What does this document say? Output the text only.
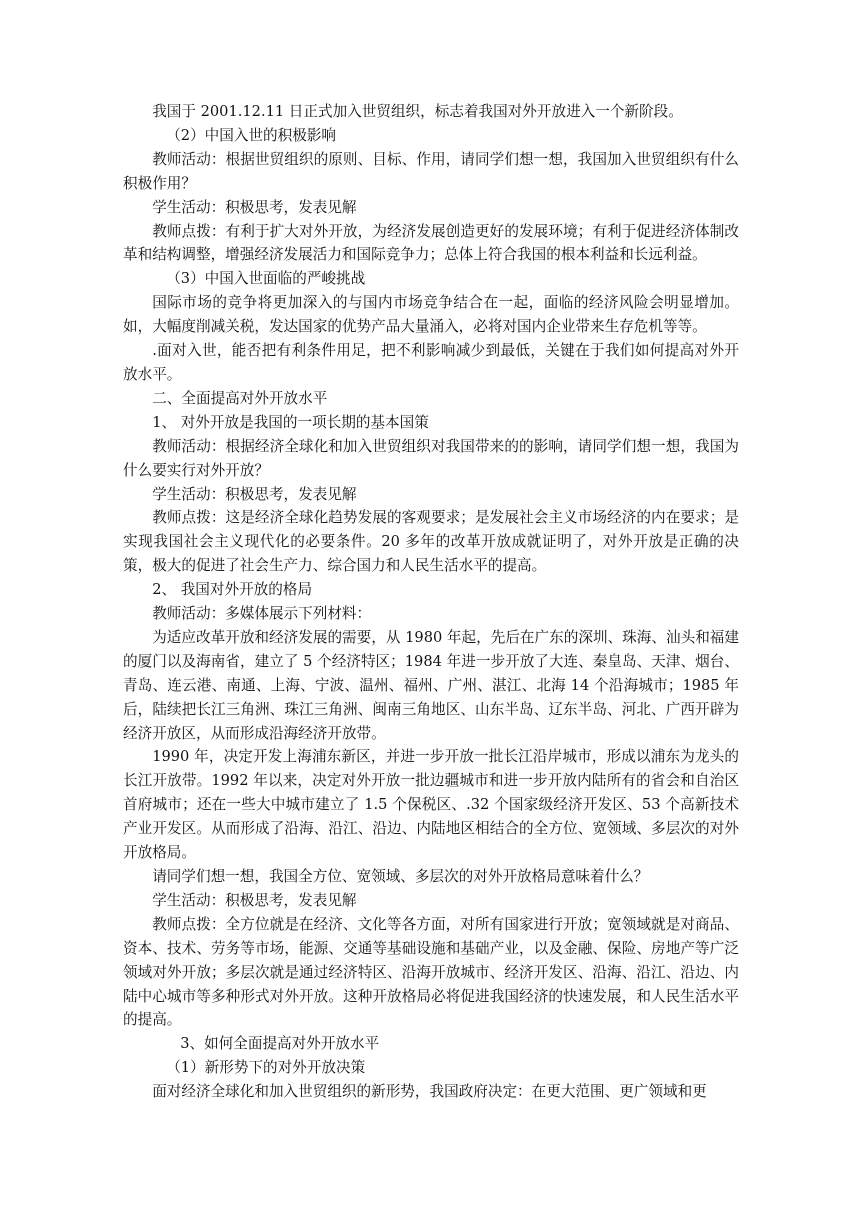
我国于 2001.12.11 日正式加入世贸组织，标志着我国对外开放进入一个新阶段。

（2）中国入世的积极影响

教师活动：根据世贸组织的原则、目标、作用，请同学们想一想，我国加入世贸组织有什么积极作用？

学生活动：积极思考，发表见解

教师点拨：有利于扩大对外开放，为经济发展创造更好的发展环境；有利于促进经济体制改革和结构调整，增强经济发展活力和国际竞争力；总体上符合我国的根本利益和长远利益。

（3）中国入世面临的严峻挑战

国际市场的竞争将更加深入的与国内市场竞争结合在一起，面临的经济风险会明显增加。如，大幅度削减关税，发达国家的优势产品大量涌入，必将对国内企业带来生存危机等等。

.面对入世，能否把有利条件用足，把不利影响减少到最低，关键在于我们如何提高对外开放水平。

二、全面提高对外开放水平

1、 对外开放是我国的一项长期的基本国策

教师活动：根据经济全球化和加入世贸组织对我国带来的的影响，请同学们想一想，我国为什么要实行对外开放？

学生活动：积极思考，发表见解

教师点拨：这是经济全球化趋势发展的客观要求；是发展社会主义市场经济的内在要求；是实现我国社会主义现代化的必要条件。20 多年的改革开放成就证明了，对外开放是正确的决策，极大的促进了社会生产力、综合国力和人民生活水平的提高。

2、 我国对外开放的格局

教师活动：多媒体展示下列材料：

为适应改革开放和经济发展的需要，从 1980 年起，先后在广东的深圳、珠海、汕头和福建的厦门以及海南省，建立了 5 个经济特区；1984 年进一步开放了大连、秦皇岛、天津、烟台、青岛、连云港、南通、上海、宁波、温州、福州、广州、湛江、北海 14 个沿海城市；1985 年后，陆续把长江三角洲、珠江三角洲、闽南三角地区、山东半岛、辽东半岛、河北、广西开辟为经济开放区，从而形成沿海经济开放带。

1990 年，决定开发上海浦东新区，并进一步开放一批长江沿岸城市，形成以浦东为龙头的长江开放带。1992 年以来，决定对外开放一批边疆城市和进一步开放内陆所有的省会和自治区首府城市；还在一些大中城市建立了 1.5 个保税区、.32 个国家级经济开发区、53 个高新技术产业开发区。从而形成了沿海、沿江、沿边、内陆地区相结合的全方位、宽领域、多层次的对外开放格局。

请同学们想一想，我国全方位、宽领域、多层次的对外开放格局意味着什么？

学生活动：积极思考，发表见解

教师点拨：全方位就是在经济、文化等各方面，对所有国家进行开放；宽领域就是对商品、资本、技术、劳务等市场，能源、交通等基础设施和基础产业，以及金融、保险、房地产等广泛领域对外开放；多层次就是通过经济特区、沿海开放城市、经济开发区、沿海、沿江、沿边、内陆中心城市等多种形式对外开放。这种开放格局必将促进我国经济的快速发展，和人民生活水平的提高。

3、如何全面提高对外开放水平

（1）新形势下的对外开放决策

面对经济全球化和加入世贸组织的新形势，我国政府决定：在更大范围、更广领域和更
